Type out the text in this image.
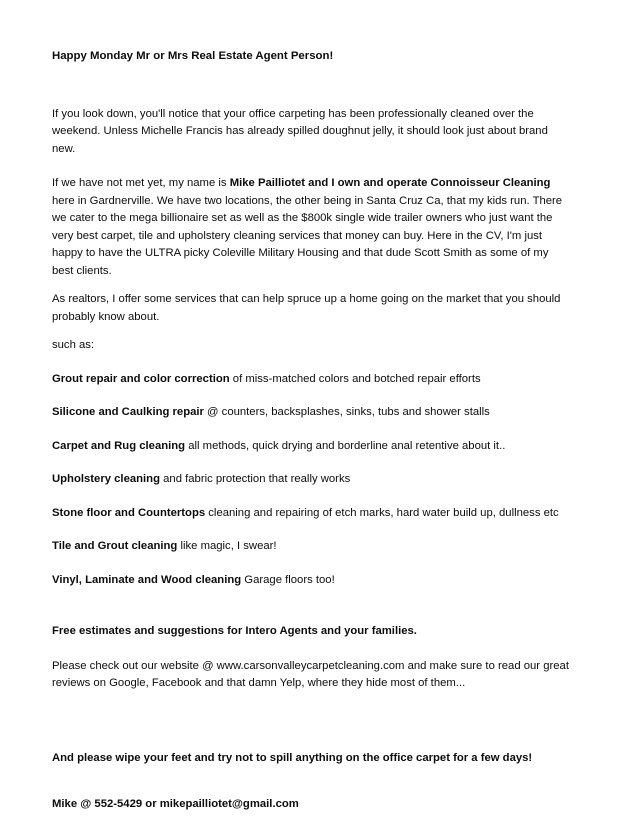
Happy Monday Mr or Mrs Real Estate Agent Person!

If you look down, you'll notice that your office carpeting has been professionally cleaned over the weekend. Unless Michelle Francis has already spilled doughnut jelly, it should look just about brand new.

If we have not met yet, my name is Mike Pailliotet and I own and operate Connoisseur Cleaning here in Gardnerville. We have two locations, the other being in Santa Cruz Ca, that my kids run. There we cater to the mega billionaire set as well as the $800k single wide trailer owners who just want the very best carpet, tile and upholstery cleaning services that money can buy. Here in the CV, I'm just happy to have the ULTRA picky Coleville Military Housing and that dude Scott Smith as some of my best clients.

As realtors, I offer some services that can help spruce up a home going on the market that you should probably know about.

such as:

Grout repair and color correction of miss-matched colors and botched repair efforts

Silicone and Caulking repair @ counters, backsplashes, sinks, tubs and shower stalls

Carpet and Rug cleaning all methods, quick drying and borderline anal retentive about it..

Upholstery cleaning and fabric protection that really works

Stone floor and Countertops cleaning and repairing of etch marks, hard water build up, dullness etc

Tile and Grout cleaning like magic, I swear!

Vinyl, Laminate and Wood cleaning Garage floors too!

Free estimates and suggestions for Intero Agents and your families.

Please check out our website @ www.carsonvalleycarpetcleaning.com and make sure to read our great reviews on Google, Facebook and that damn Yelp, where they hide most of them...

And please wipe your feet and try not to spill anything on the office carpet for a few days!

Mike @ 552-5429 or mikepailliotet@gmail.com
